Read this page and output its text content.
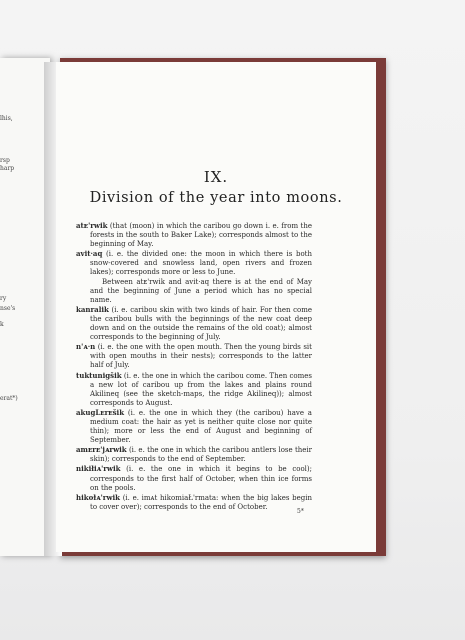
lhis,
rsp
harp
ry
nse's
k
erat*)
IX.
Division of the year into moons.

atᴇ'rwik (that (moon) in which the caribou go down i. e. from the forests in the south to Baker Lake); corresponds almost to the beginning of May.

avit·aq (i. e. the divided one: the moon in which there is both snow-covered and snowless land, open rivers and frozen lakes); corresponds more or less to June.

Between atᴇ'rwik and avit·aq there is at the end of May and the beginning of June a period which has no special name.

kanralik (i. e. caribou skin with two kinds of hair. For then come the caribou bulls with the beginnings of the new coat deep down and on the outside the remains of the old coat); almost corresponds to the beginning of July.

n'ᴀ·n (i. e. the one with the open mouth. Then the young birds sit with open mouths in their nests); corresponds to the latter half of July.

tuktunigšik (i. e. the one in which the caribou come. Then comes a new lot of caribou up from the lakes and plains round Akilineq (see the sketch-maps, the ridge Akilineq)); almost corresponds to August.

akugLᴇrᴇšik (i. e. the one in which they (the caribou) have a medium coat: the hair as yet is neither quite close nor quite thin); more or less the end of August and beginning of September.

amᴇrᴇ'jᴀrwik (i. e. the one in which the caribou antlers lose their skin); corresponds to the end of September.

nikiłiᴀ'rwik (i. e. the one in which it begins to be cool); corresponds to the first half of October, when thin ice forms on the pools.

hikoɫᴀ'rwik (i. e. imᴀt hikomiaŁ'rmata: when the big lakes begin to cover over); corresponds to the end of October.

5*
